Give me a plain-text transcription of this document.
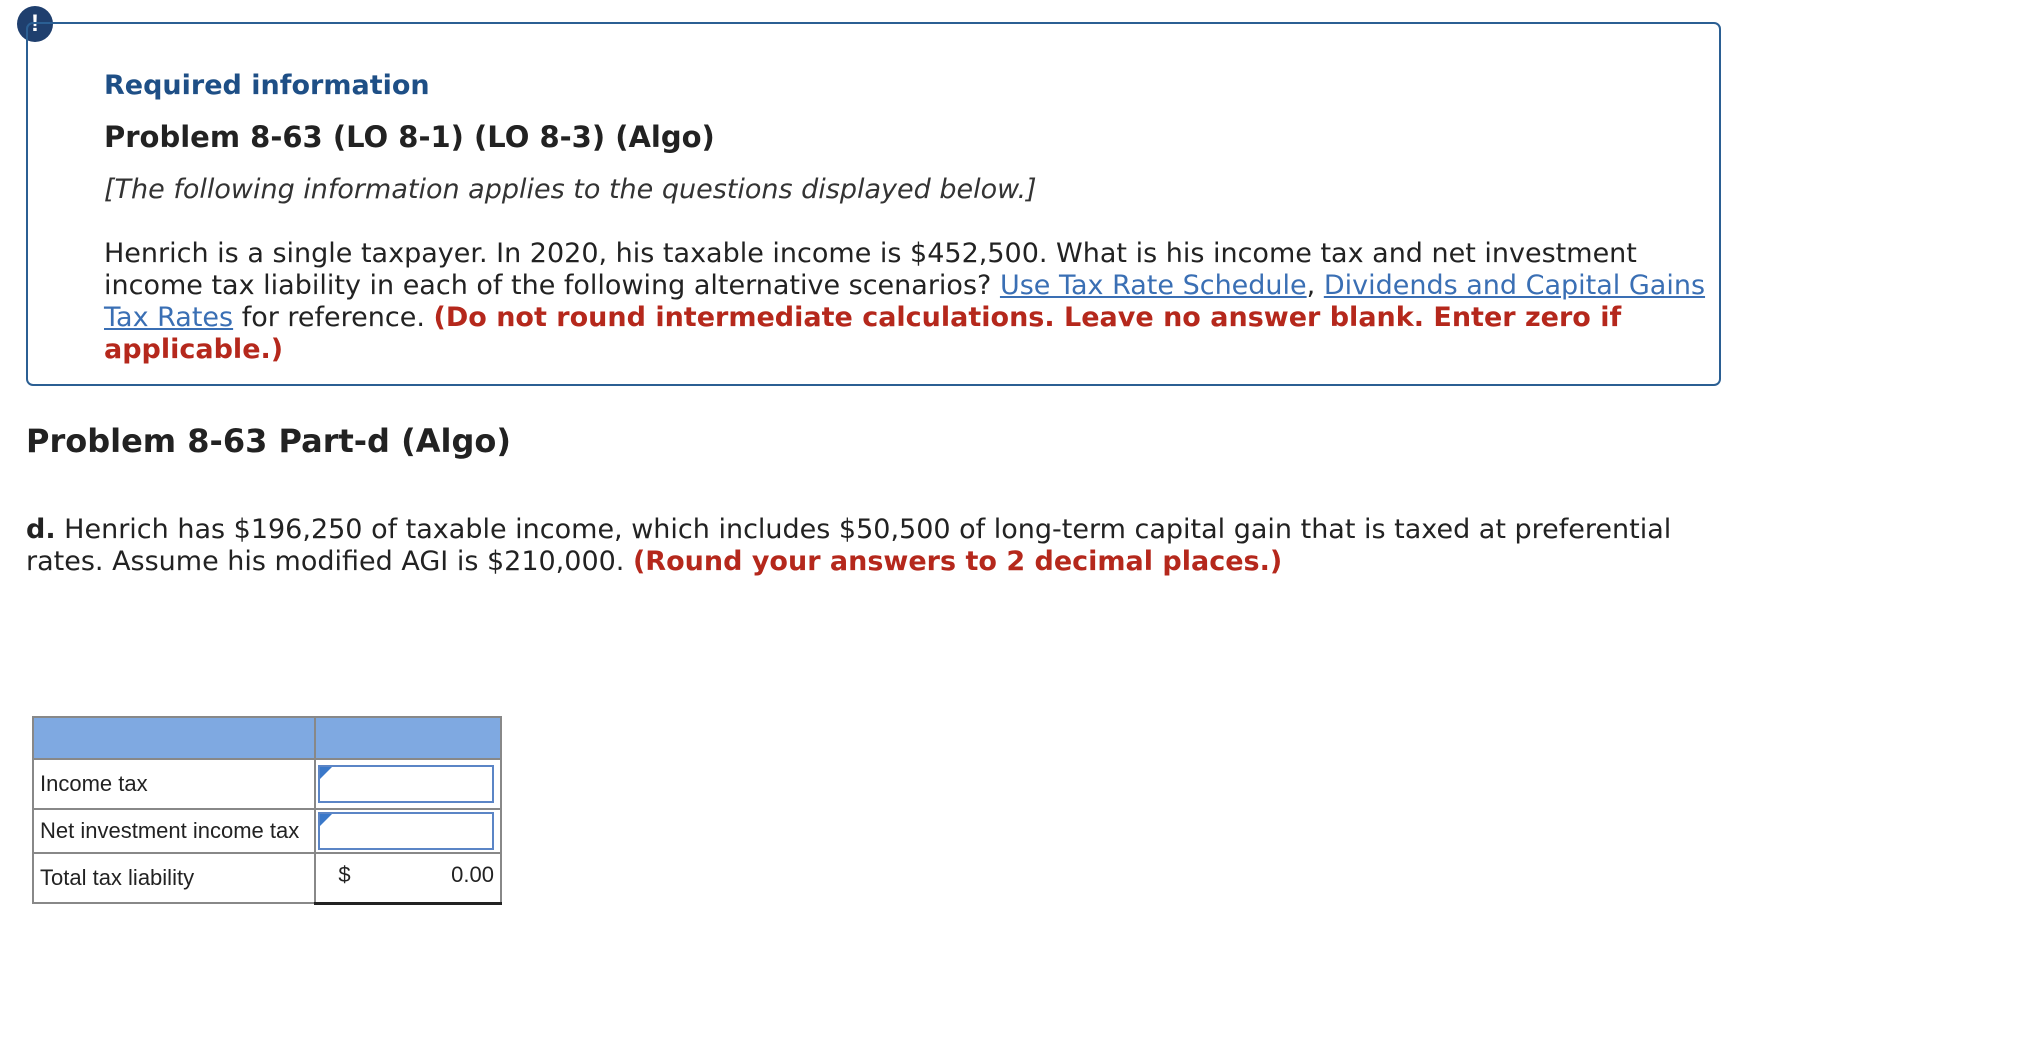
!
Required information
Problem 8-63 (LO 8-1) (LO 8-3) (Algo)
[The following information applies to the questions displayed below.]
Henrich is a single taxpayer. In 2020, his taxable income is $452,500. What is his income tax and net investment income tax liability in each of the following alternative scenarios? Use Tax Rate Schedule, Dividends and Capital Gains Tax Rates for reference. (Do not round intermediate calculations. Leave no answer blank. Enter zero if applicable.)
Problem 8-63 Part-d (Algo)
d. Henrich has $196,250 of taxable income, which includes $50,500 of long-term capital gain that is taxed at preferential rates. Assume his modified AGI is $210,000. (Round your answers to 2 decimal places.)

Income tax	

Net investment income tax	

Total tax liability	$ 0.00
